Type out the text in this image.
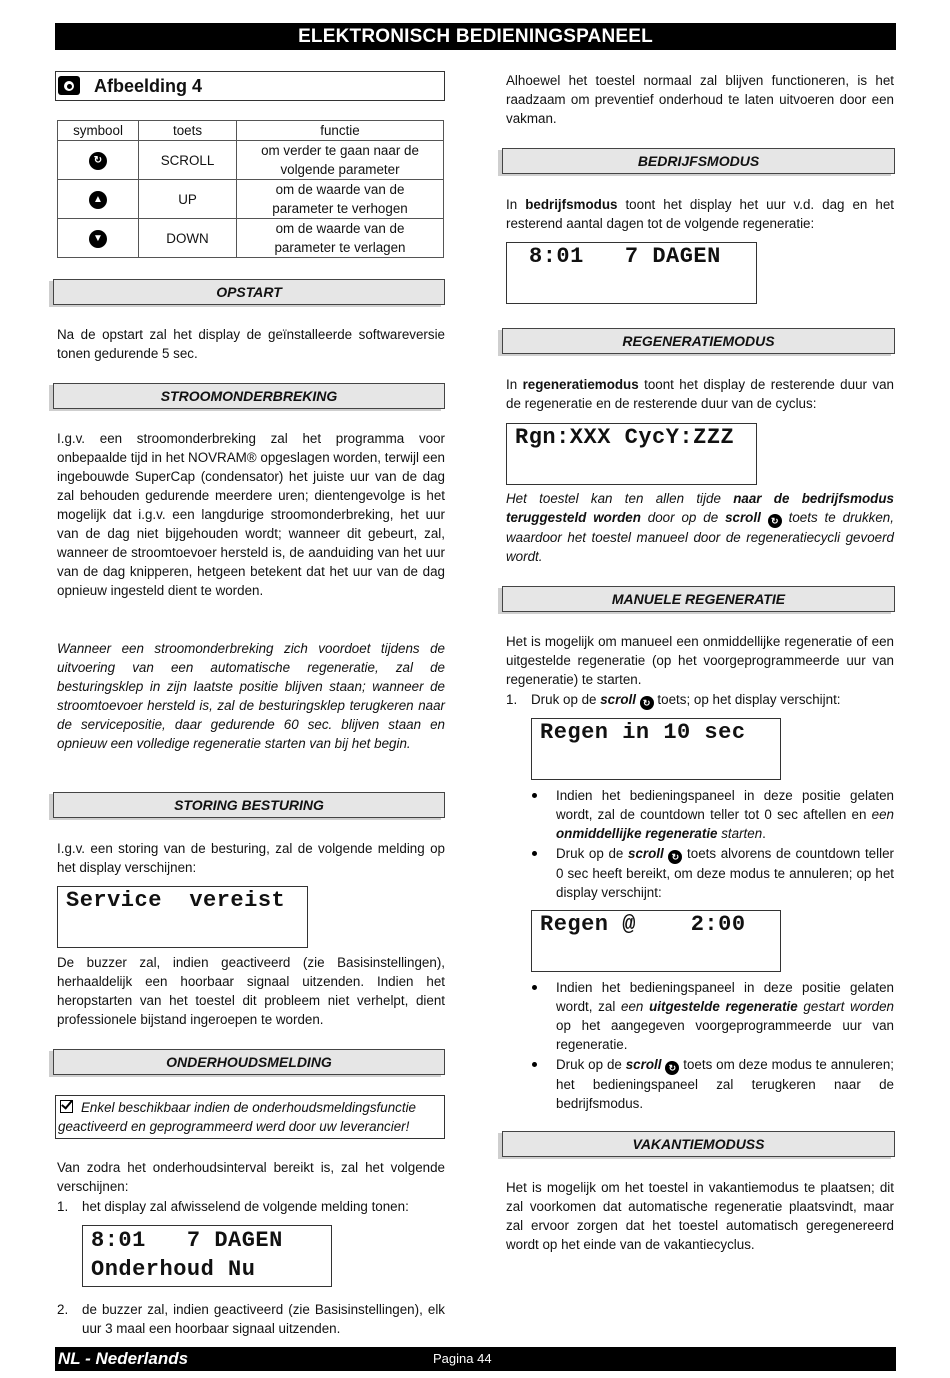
ELEKTRONISCH BEDIENINGSPANEEL
NL - Nederlands	Pagina 44
Afbeelding 4
symbool	toets	functie
↻	SCROLL	om verder te gaan naar de
volgende parameter
▲	UP	om de waarde van de
parameter te verhogen
▼	DOWN	om de waarde van de
parameter te verlagen
OPSTART
Na de opstart zal het display de geïnstalleerde softwareversie tonen gedurende 5 sec.
STROOMONDERBREKING
I.g.v. een stroomonderbreking zal het programma voor onbepaalde tijd in het NOVRAM® opgeslagen worden, terwijl een ingebouwde SuperCap (condensator) het juiste uur van de dag zal behouden gedurende meerdere uren; dientengevolge is het mogelijk dat i.g.v. een langdurige stroomonderbreking, het uur van de dag niet bijgehouden wordt; wanneer dit gebeurt, zal, wanneer de stroomtoevoer hersteld is, de aanduiding van het uur van de dag knipperen, hetgeen betekent dat het uur van de dag opnieuw ingesteld dient te worden.
Wanneer een stroomonderbreking zich voordoet tijdens de uitvoering van een automatische regeneratie, zal de besturingsklep in zijn laatste positie blijven staan; wanneer de stroomtoevoer hersteld is, zal de besturingsklep terugkeren naar de servicepositie, daar gedurende 60 sec. blijven staan en opnieuw een volledige regeneratie starten van bij het begin.
STORING BESTURING
I.g.v. een storing van de besturing, zal de volgende melding op het display verschijnen:
Service  vereist
De buzzer zal, indien geactiveerd (zie Basisinstellingen), herhaaldelijk een hoorbaar signaal uitzenden. Indien het heropstarten van het toestel dit probleem niet verhelpt, dient professionele bijstand ingeroepen te worden.
ONDERHOUDSMELDING
Enkel beschikbaar indien de onderhoudsmeldingsfunctie geactiveerd en geprogrammeerd werd door uw leverancier!
Van zodra het onderhoudsinterval bereikt is, zal het volgende verschijnen:
1.	het display zal afwisselend de volgende melding tonen:
8:01   7 DAGEN
Onderhoud Nu
2.	de buzzer zal, indien geactiveerd (zie Basisinstellingen), elk uur 3 maal een hoorbaar signaal uitzenden.
Alhoewel het toestel normaal zal blijven functioneren, is het raadzaam om preventief onderhoud te laten uitvoeren door een vakman.
BEDRIJFSMODUS
In bedrijfsmodus toont het display het uur v.d. dag en het resterend aantal dagen tot de volgende regeneratie:
8:01   7 DAGEN
REGENERATIEMODUS
In regeneratiemodus toont het display de resterende duur van de regeneratie en de resterende duur van de cyclus:
Rgn:XXX CycY:ZZZ
Het toestel kan ten allen tijde naar de bedrijfsmodus teruggesteld worden door op de scroll ↻ toets te drukken, waardoor het toestel manueel door de regeneratiecycli gevoerd wordt.
MANUELE REGENERATIE
Het is mogelijk om manueel een onmiddellijke regeneratie of een uitgestelde regeneratie (op het voorgeprogrammeerde uur van regeneratie) te starten.
1.	Druk op de scroll ↻ toets; op het display verschijnt:
Regen in 10 sec
Indien het bedieningspaneel in deze positie gelaten wordt, zal de countdown teller tot 0 sec aftellen en een onmiddellijke regeneratie starten.
Druk op de scroll ↻ toets alvorens de countdown teller 0 sec heeft bereikt, om deze modus te annuleren; op het display verschijnt:
Regen @    2:00
Indien het bedieningspaneel in deze positie gelaten wordt, zal een uitgestelde regeneratie gestart worden op het aangegeven voorgeprogrammeerde uur van regeneratie.
Druk op de scroll ↻ toets om deze modus te annuleren; het bedieningspaneel zal terugkeren naar de bedrijfsmodus.
VAKANTIEMODUSS
Het is mogelijk om het toestel in vakantiemodus te plaatsen; dit zal voorkomen dat automatische regeneratie plaatsvindt, maar zal ervoor zorgen dat het toestel automatisch geregenereerd wordt op het einde van de vakantiecyclus.
